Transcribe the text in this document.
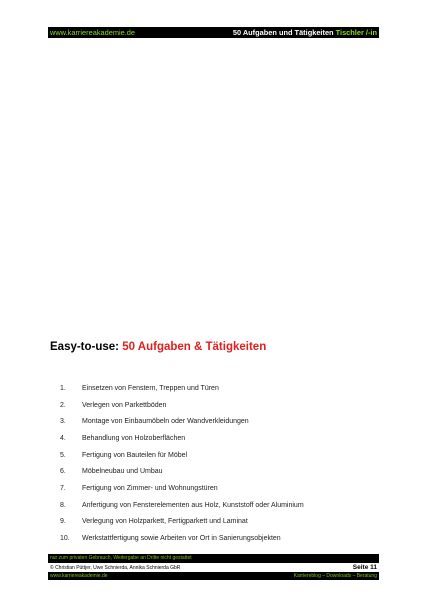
www.karriereakademie.de	50 Aufgaben und Tätigkeiten Tischler /-in
Easy-to-use: 50 Aufgaben & Tätigkeiten
1.	Einsetzen von Fenstern, Treppen und Türen
2.	Verlegen von Parkettböden
3.	Montage von Einbaumöbeln oder Wandverkleidungen
4.	Behandlung von Holzoberflächen
5.	Fertigung von Bauteilen für Möbel
6.	Möbelneubau und Umbau
7.	Fertigung von Zimmer- und Wohnungstüren
8.	Anfertigung von Fensterelementen aus Holz, Kunststoff oder Aluminium
9.	Verlegung von Holzparkett, Fertigparkett und Laminat
10.	Werkstattfertigung sowie Arbeiten vor Ort in Sanierungsobjekten
nur zum privaten Gebrauch, Weitergabe an Dritte nicht gestattet
© Christian Püttjer, Uwe Schnierda, Annika Schnierda GbR	Seite 11
www.karriereakademie.de	Karriereblog – Downloads – Beratung
